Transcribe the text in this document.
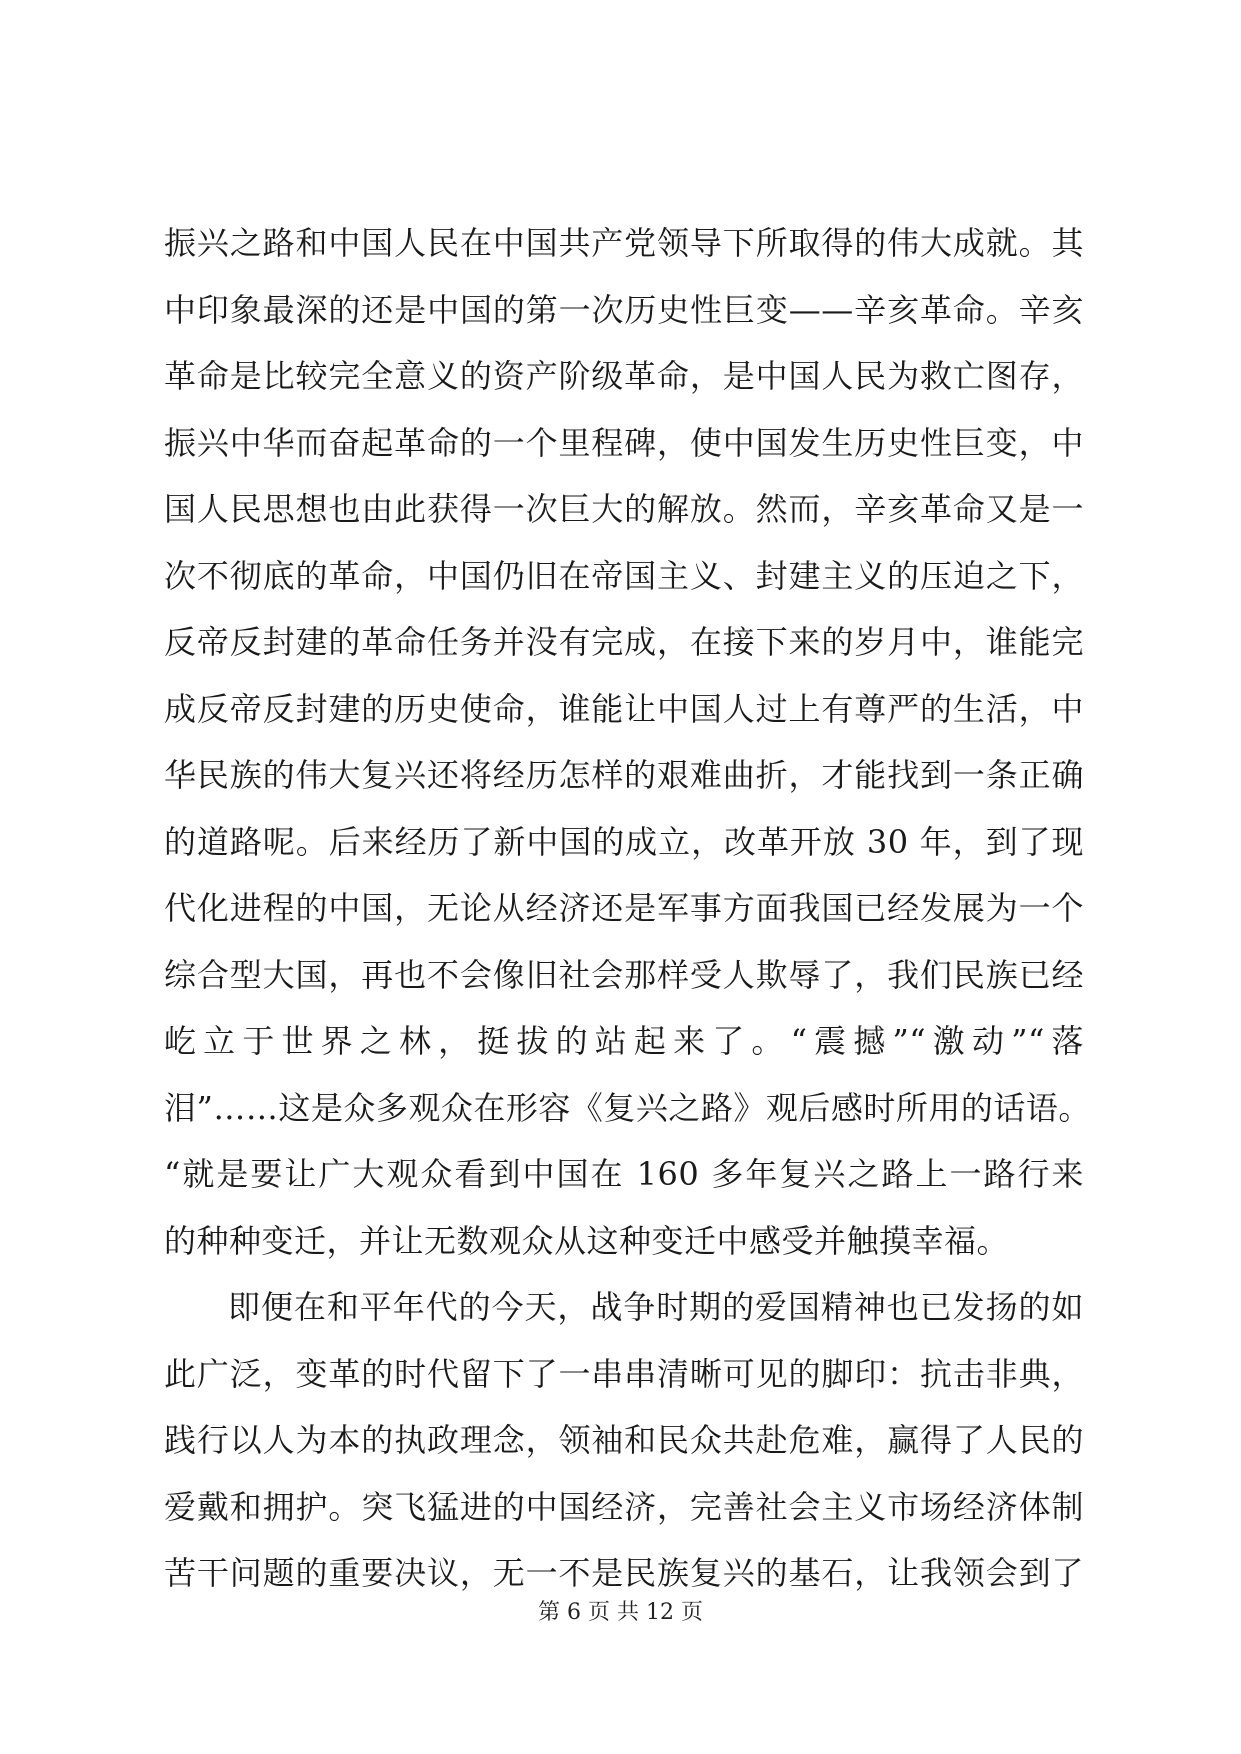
振兴之路和中国人民在中国共产党领导下所取得的伟大成就。其
中印象最深的还是中国的第一次历史性巨变——辛亥革命。辛亥
革命是比较完全意义的资产阶级革命，是中国人民为救亡图存，
振兴中华而奋起革命的一个里程碑，使中国发生历史性巨变，中
国人民思想也由此获得一次巨大的解放。然而，辛亥革命又是一
次不彻底的革命，中国仍旧在帝国主义、封建主义的压迫之下，
反帝反封建的革命任务并没有完成，在接下来的岁月中，谁能完
成反帝反封建的历史使命，谁能让中国人过上有尊严的生活，中
华民族的伟大复兴还将经历怎样的艰难曲折，才能找到一条正确
的道路呢。后来经历了新中国的成立，改革开放 30 年，到了现
代化进程的中国，无论从经济还是军事方面我国已经发展为一个
综合型大国，再也不会像旧社会那样受人欺辱了，我们民族已经
屹立于世界之林，挺拔的站起来了。“震撼”“激动”“落
泪”……这是众多观众在形容《复兴之路》观后感时所用的话语。
“就是要让广大观众看到中国在 160 多年复兴之路上一路行来
的种种变迁，并让无数观众从这种变迁中感受并触摸幸福。
即便在和平年代的今天，战争时期的爱国精神也已发扬的如
此广泛，变革的时代留下了一串串清晰可见的脚印：抗击非典，
践行以人为本的执政理念，领袖和民众共赴危难，赢得了人民的
爱戴和拥护。突飞猛进的中国经济，完善社会主义市场经济体制
苦干问题的重要决议，无一不是民族复兴的基石，让我领会到了
第 6 页 共 12 页
